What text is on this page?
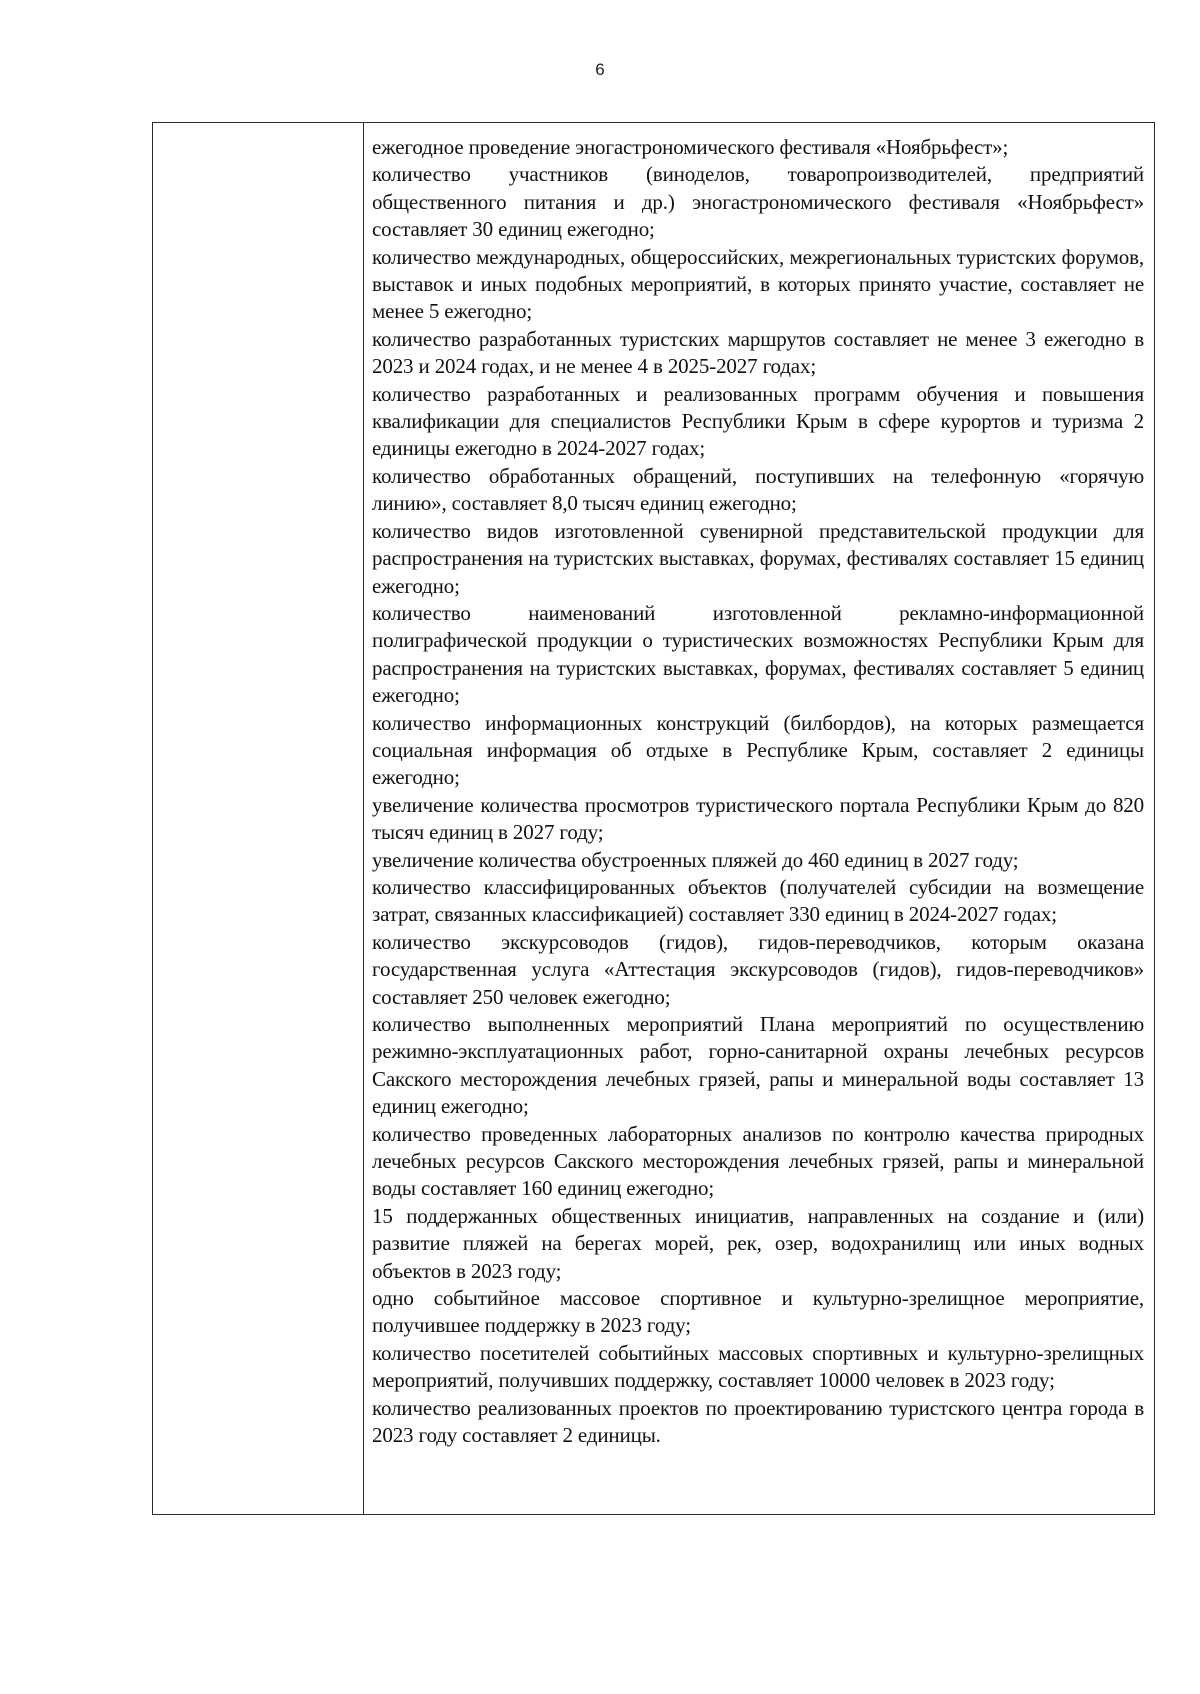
6

ежегодное проведение эногастрономического фестиваля «Ноябрьфест»;
количество участников (виноделов, товаропроизводителей, предприятий общественного питания и др.) эногастрономического фестиваля «Ноябрьфест» составляет 30 единиц ежегодно;
количество международных, общероссийских, межрегиональных туристских форумов, выставок и иных подобных мероприятий, в которых принято участие, составляет не менее 5 ежегодно;
количество разработанных туристских маршрутов составляет не менее 3 ежегодно в 2023 и 2024 годах, и не менее 4 в 2025-2027 годах;
количество разработанных и реализованных программ обучения и повышения квалификации для специалистов Республики Крым в сфере курортов и туризма 2 единицы ежегодно в 2024-2027 годах;
количество обработанных обращений, поступивших на телефонную «горячую линию», составляет 8,0 тысяч единиц ежегодно;
количество видов изготовленной сувенирной представительской продукции для распространения на туристских выставках, форумах, фестивалях составляет 15 единиц ежегодно;
количество наименований изготовленной рекламно-информационной полиграфической продукции о туристических возможностях Республики Крым для распространения на туристских выставках, форумах, фестивалях составляет 5 единиц ежегодно;
количество информационных конструкций (билбордов), на которых размещается социальная информация об отдыхе в Республике Крым, составляет 2 единицы ежегодно;
увеличение количества просмотров туристического портала Республики Крым до 820 тысяч единиц в 2027 году;
увеличение количества обустроенных пляжей до 460 единиц в 2027 году;
количество классифицированных объектов (получателей субсидии на возмещение затрат, связанных классификацией) составляет 330 единиц в 2024-2027 годах;
количество экскурсоводов (гидов), гидов-переводчиков, которым оказана государственная услуга «Аттестация экскурсоводов (гидов), гидов-переводчиков» составляет 250 человек ежегодно;
количество выполненных мероприятий Плана мероприятий по осуществлению режимно-эксплуатационных работ, горно-санитарной охраны лечебных ресурсов Сакского месторождения лечебных грязей, рапы и минеральной воды составляет 13 единиц ежегодно;
количество проведенных лабораторных анализов по контролю качества природных лечебных ресурсов Сакского месторождения лечебных грязей, рапы и минеральной воды составляет 160 единиц ежегодно;
15 поддержанных общественных инициатив, направленных на создание и (или) развитие пляжей на берегах морей, рек, озер, водохранилищ или иных водных объектов в 2023 году;
одно событийное массовое спортивное и культурно-зрелищное мероприятие, получившее поддержку в 2023 году;
количество посетителей событийных массовых спортивных и культурно-зрелищных мероприятий, получивших поддержку, составляет 10000 человек в 2023 году;
количество реализованных проектов по проектированию туристского центра города в 2023 году составляет 2 единицы.
